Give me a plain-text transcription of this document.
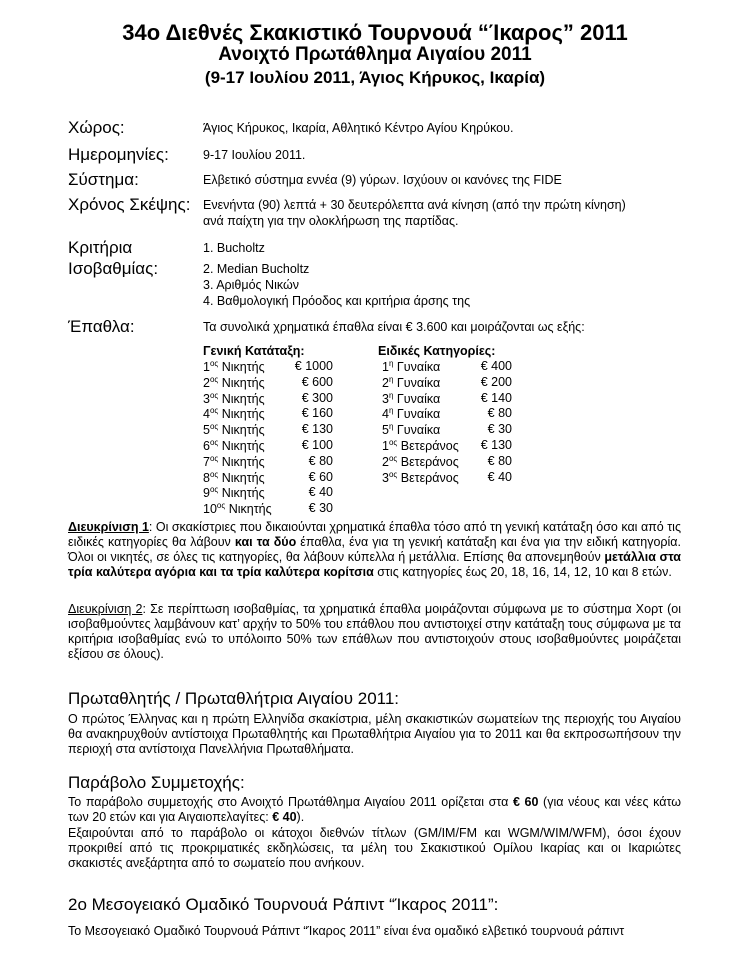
34ο Διεθνές Σκακιστικό Τουρνουά “Ίκαρος” 2011
Ανοιχτό Πρωτάθλημα Αιγαίου 2011
(9-17 Ιουλίου 2011, Άγιος Κήρυκος, Ικαρία)
Χώρος:	Άγιος Κήρυκος, Ικαρία, Αθλητικό Κέντρο Αγίου Κηρύκου.
Ημερομηνίες:	9-17 Ιουλίου 2011.
Σύστημα:	Ελβετικό σύστημα εννέα (9) γύρων. Ισχύουν οι κανόνες της FIDE
Χρόνος Σκέψης: Ενενήντα (90) λεπτά + 30 δευτερόλεπτα ανά κίνηση (από την πρώτη κίνηση)
ανά παίχτη για την ολοκλήρωση της παρτίδας.
Κριτήρια
Ισοβαθμίας:
1. Bucholtz
2. Median Bucholtz
3. Αριθμός Νικών
4. Βαθμολογική Πρόοδος και κριτήρια άρσης της
Έπαθλα:	Τα συνολικά χρηματικά έπαθλα είναι € 3.600 και μοιράζονται ως εξής:
Γενική Κατάταξη:	Ειδικές Κατηγορίες:
$1^{o\varsigma}$ Νικητής	€ 1000
$2^{o\varsigma}$ Νικητής	€ 600
$3^{o\varsigma}$ Νικητής	€ 300
$4^{o\varsigma}$ Νικητής	€ 160
$5^{o\varsigma}$ Νικητής	€ 130
$6^{o\varsigma}$ Νικητής	€ 100
$7^{o\varsigma}$ Νικητής	€ 80
$8^{o\varsigma}$ Νικητής	€ 60
$9^{o\varsigma}$ Νικητής	€ 40
$10^{o\varsigma}$ Νικητής	€ 30
$1^\eta$ Γυναίκα	€ 400
$2^\eta$ Γυναίκα	€ 200
$3^\eta$ Γυναίκα	€ 140
$4^\eta$ Γυναίκα	€ 80
$5^\eta$ Γυναίκα	€ 30
$1^{o\varsigma}$ Βετεράνος	€ 130
$2^{o\varsigma}$ Βετεράνος	€ 80
$3^{o\varsigma}$ Βετεράνος	€ 40
Διευκρίνιση 1: Οι σκακίστριες που δικαιούνται χρηματικά έπαθλα τόσο από τη γενική κατάταξη όσο και από τις ειδικές κατηγορίες θα λάβουν και τα δύο έπαθλα, ένα για τη γενική κατάταξη και ένα για την ειδική κατηγορία. Όλοι οι νικητές, σε όλες τις κατηγορίες, θα λάβουν κύπελλα ή μετάλλια. Επίσης θα απονεμηθούν μετάλλια στα τρία καλύτερα αγόρια και τα τρία καλύτερα κορίτσια στις κατηγορίες έως 20, 18, 16, 14, 12, 10 και 8 ετών.
Διευκρίνιση 2: Σε περίπτωση ισοβαθμίας, τα χρηματικά έπαθλα μοιράζονται σύμφωνα με το σύστημα Χορτ (οι ισοβαθμούντες λαμβάνουν κατ’ αρχήν το 50% του επάθλου που αντιστοιχεί στην κατάταξη τους σύμφωνα με τα κριτήρια ισοβαθμίας ενώ το υπόλοιπο 50% των επάθλων που αντιστοιχούν στους ισοβαθμούντες μοιράζεται εξίσου σε όλους).
Πρωταθλητής / Πρωταθλήτρια Αιγαίου 2011:
Ο πρώτος Έλληνας και η πρώτη Ελληνίδα σκακίστρια, μέλη σκακιστικών σωματείων της περιοχής του Αιγαίου θα ανακηρυχθούν αντίστοιχα Πρωταθλητής και Πρωταθλήτρια Αιγαίου για το 2011 και θα εκπροσωπήσουν την περιοχή στα αντίστοιχα Πανελλήνια Πρωταθλήματα.
Παράβολο Συμμετοχής:
Το παράβολο συμμετοχής στο Ανοιχτό Πρωτάθλημα Αιγαίου 2011 ορίζεται στα € 60 (για νέους και νέες κάτω των 20 ετών και για Αιγαιοπελαγίτες: € 40).
Εξαιρούνται από το παράβολο οι κάτοχοι διεθνών τίτλων (GM/IM/FM και WGM/WIM/WFM), όσοι έχουν προκριθεί από τις προκριματικές εκδηλώσεις, τα μέλη του Σκακιστικού Ομίλου Ικαρίας και οι Ικαριώτες σκακιστές ανεξάρτητα από το σωματείο που ανήκουν.
2ο Μεσογειακό Ομαδικό Τουρνουά Ράπιντ “Ίκαρος 2011”:
Το Μεσογειακό Ομαδικό Τουρνουά Ράπιντ “Ίκαρος 2011” είναι ένα ομαδικό ελβετικό τουρνουά ράπιντ
